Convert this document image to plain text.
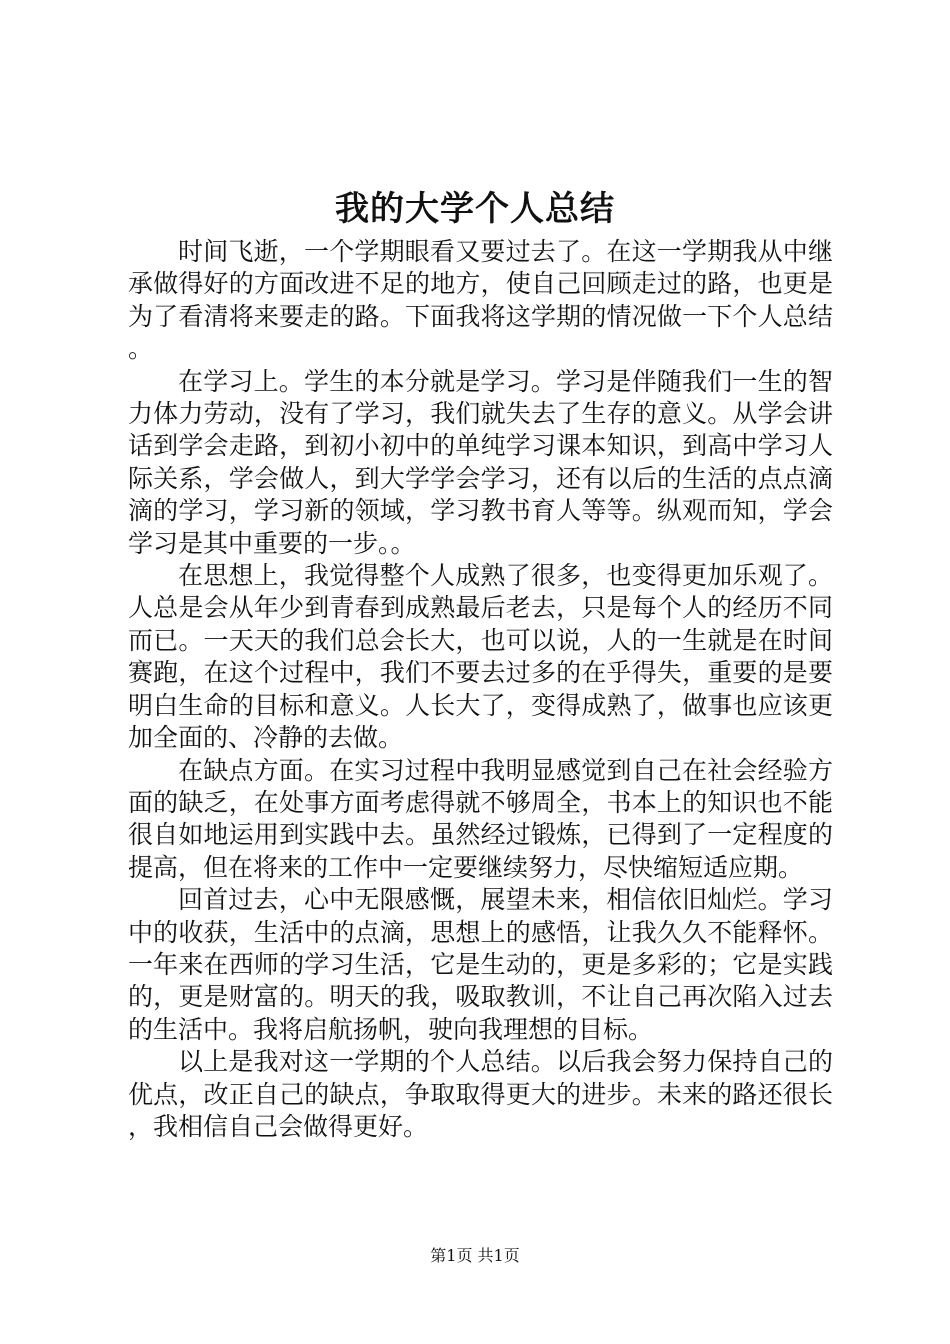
我的大学个人总结

时间飞逝，一个学期眼看又要过去了。在这一学期我从中继承做得好的方面改进不足的地方，使自己回顾走过的路，也更是为了看清将来要走的路。下面我将这学期的情况做一下个人总结。

在学习上。学生的本分就是学习。学习是伴随我们一生的智力体力劳动，没有了学习，我们就失去了生存的意义。从学会讲话到学会走路，到初小初中的单纯学习课本知识，到高中学习人际关系，学会做人，到大学学会学习，还有以后的生活的点点滴滴的学习，学习新的领域，学习教书育人等等。纵观而知，学会学习是其中重要的一步。。

在思想上，我觉得整个人成熟了很多，也变得更加乐观了。人总是会从年少到青春到成熟最后老去，只是每个人的经历不同而已。一天天的我们总会长大，也可以说，人的一生就是在时间赛跑，在这个过程中，我们不要去过多的在乎得失，重要的是要明白生命的目标和意义。人长大了，变得成熟了，做事也应该更加全面的、冷静的去做。

在缺点方面。在实习过程中我明显感觉到自己在社会经验方面的缺乏，在处事方面考虑得就不够周全，书本上的知识也不能很自如地运用到实践中去。虽然经过锻炼，已得到了一定程度的提高，但在将来的工作中一定要继续努力，尽快缩短适应期。

回首过去，心中无限感慨，展望未来，相信依旧灿烂。学习中的收获，生活中的点滴，思想上的感悟，让我久久不能释怀。一年来在西师的学习生活，它是生动的，更是多彩的；它是实践的，更是财富的。明天的我，吸取教训，不让自己再次陷入过去的生活中。我将启航扬帆，驶向我理想的目标。

以上是我对这一学期的个人总结。以后我会努力保持自己的优点，改正自己的缺点，争取取得更大的进步。未来的路还很长，我相信自己会做得更好。

第1页 共1页
